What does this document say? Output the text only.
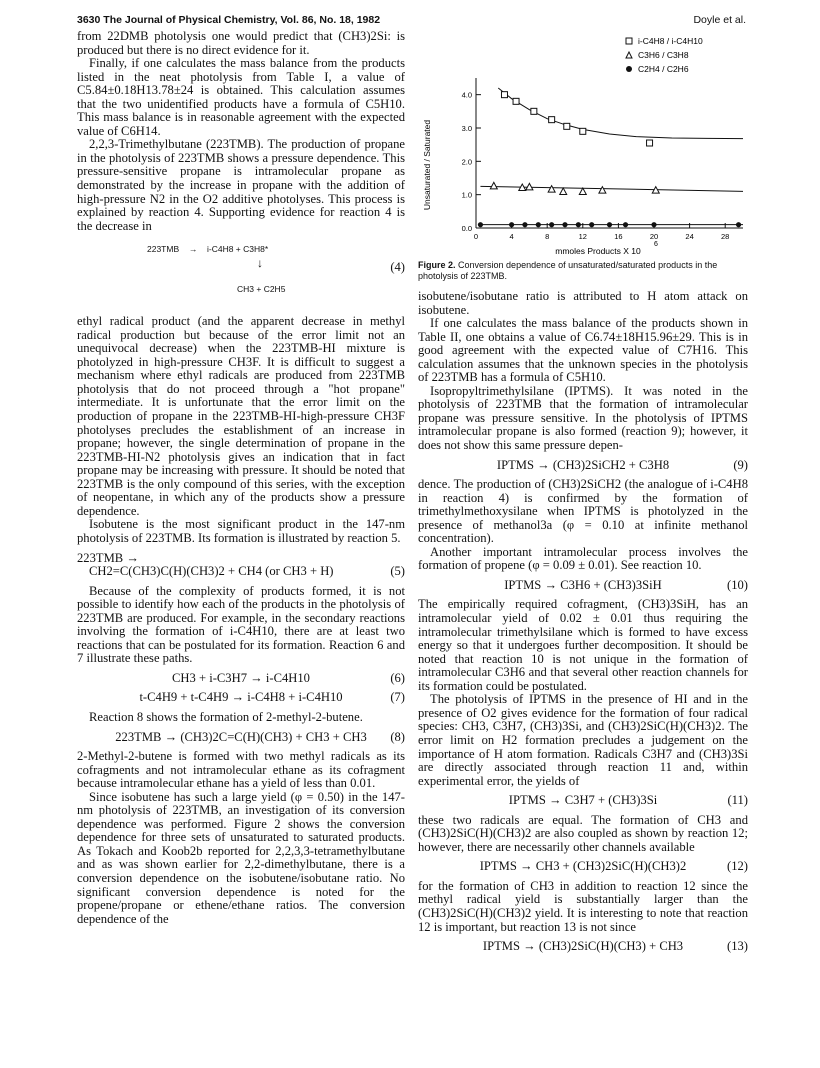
3630 The Journal of Physical Chemistry, Vol. 86, No. 18, 1982	Doyle et al.

from 22DMB photolysis one would predict that (CH3)2Si: is produced but there is no direct evidence for it.

Finally, if one calculates the mass balance from the products listed in the neat photolysis from Table I, a value of C5.84±0.18H13.78±24 is obtained. This calculation assumes that the two unidentified products have a formula of C5H10. This mass balance is in reasonable agreement with the expected value of C6H14.

2,2,3-Trimethylbutane (223TMB). The production of propane in the photolysis of 223TMB shows a pressure dependence. This pressure-sensitive propane is intramolecular propane as demonstrated by the increase in propane with the addition of high-pressure N2 in the O2 additive photolyses. This process is explained by reaction 4. Supporting evidence for reaction 4 is the decrease in

223TMB → i-C4H8 + C3H8*
↓
CH3 + C2H5
(4)

ethyl radical product (and the apparent decrease in methyl radical production but because of the error limit not an unequivocal decrease) when the 223TMB-HI mixture is photolyzed in high-pressure CH3F. It is difficult to suggest a mechanism where ethyl radicals are produced from 223TMB photolysis that do not proceed through a "hot propane" intermediate. It is unfortunate that the error limit on the production of propane in the 223TMB-HI-high-pressure CH3F photolyses precludes the establishment of an increase in propane; however, the single determination of propane in the 223TMB-HI-N2 photolysis gives an indication that in fact propane may be increasing with pressure. It should be noted that 223TMB is the only compound of this series, with the exception of neopentane, in which any of the products show a pressure dependence.

Isobutene is the most significant product in the 147-nm photolysis of 223TMB. Its formation is illustrated by reaction 5.

223TMB →
CH2=C(CH3)C(H)(CH3)2 + CH4 (or CH3 + H)	(5)

Because of the complexity of products formed, it is not possible to identify how each of the products in the photolysis of 223TMB are produced. For example, in the secondary reactions involving the formation of i-C4H10, there are at least two reactions that can be postulated for its formation. Reaction 6 and 7 illustrate these paths.

CH3 + i-C3H7 → i-C4H10	(6)
t-C4H9 + t-C4H9 → i-C4H8 + i-C4H10	(7)

Reaction 8 shows the formation of 2-methyl-2-butene.

223TMB → (CH3)2C=C(H)(CH3) + CH3 + CH3 (8)

2-Methyl-2-butene is formed with two methyl radicals as its cofragments and not intramolecular ethane as its cofragment because intramolecular ethane has a yield of less than 0.01.

Since isobutene has such a large yield (φ = 0.50) in the 147-nm photolysis of 223TMB, an investigation of its conversion dependence was performed. Figure 2 shows the conversion dependence for three sets of unsaturated to saturated products. As Tokach and Koob2b reported for 2,2,3,3-tetramethylbutane and as was shown earlier for 2,2-dimethylbutane, there is a conversion dependence on the isobutene/isobutane ratio. No significant conversion dependence is noted for the propene/propane or ethene/ethane ratios. The conversion dependence of the

i-C4H8 / i-C4H10
C3H6 / C3H8
C2H4 / C2H6
0.0
1.0
2.0
3.0
4.0
0	4	8	12	16	20	24	28
Unsaturated / Saturated
mmoles Products X 10
6
Figure 2. Conversion dependence of unsaturated/saturated products in the photolysis of 223TMB.

isobutene/isobutane ratio is attributed to H atom attack on isobutene.

If one calculates the mass balance of the products shown in Table II, one obtains a value of C6.74±18H15.96±29. This is in good agreement with the expected value of C7H16. This calculation assumes that the unknown species in the photolysis of 223TMB has a formula of C5H10.

Isopropyltrimethylsilane (IPTMS). It was noted in the photolysis of 223TMB that the formation of intramolecular propane was pressure sensitive. In the photolysis of IPTMS intramolecular propane is also formed (reaction 9); however, it does not show this same pressure depen-

IPTMS → (CH3)2SiCH2 + C3H8	(9)

dence. The production of (CH3)2SiCH2 (the analogue of i-C4H8 in reaction 4) is confirmed by the formation of trimethylmethoxysilane when IPTMS is photolyzed in the presence of methanol3a (φ = 0.10 at infinite methanol concentration).

Another important intramolecular process involves the formation of propene (φ = 0.09 ± 0.01). See reaction 10.

IPTMS → C3H6 + (CH3)3SiH	(10)

The empirically required cofragment, (CH3)3SiH, has an intramolecular yield of 0.02 ± 0.01 thus requiring the intramolecular trimethylsilane which is formed to have excess energy so that it undergoes further decomposition. It should be noted that reaction 10 is not unique in the formation of intramolecular C3H6 and that several other reaction channels for its formation could be postulated.

The photolysis of IPTMS in the presence of HI and in the presence of O2 gives evidence for the formation of four radical species: CH3, C3H7, (CH3)3Si, and (CH3)2SiC(H)(CH3)2. The error limit on H2 formation precludes a judgement on the importance of H atom formation. Radicals C3H7 and (CH3)3Si are directly associated through reaction 11 and, within experimental error, the yields of

IPTMS → C3H7 + (CH3)3Si	(11)

these two radicals are equal. The formation of CH3 and (CH3)2SiC(H)(CH3)2 are also coupled as shown by reaction 12; however, there are necessarily other channels available

IPTMS → CH3 + (CH3)2SiC(H)(CH3)2	(12)

for the formation of CH3 in addition to reaction 12 since the methyl radical yield is substantially larger than the (CH3)2SiC(H)(CH3)2 yield. It is interesting to note that reaction 12 is important, but reaction 13 is not since

IPTMS → (CH3)2SiC(H)(CH3) + CH3	(13)
